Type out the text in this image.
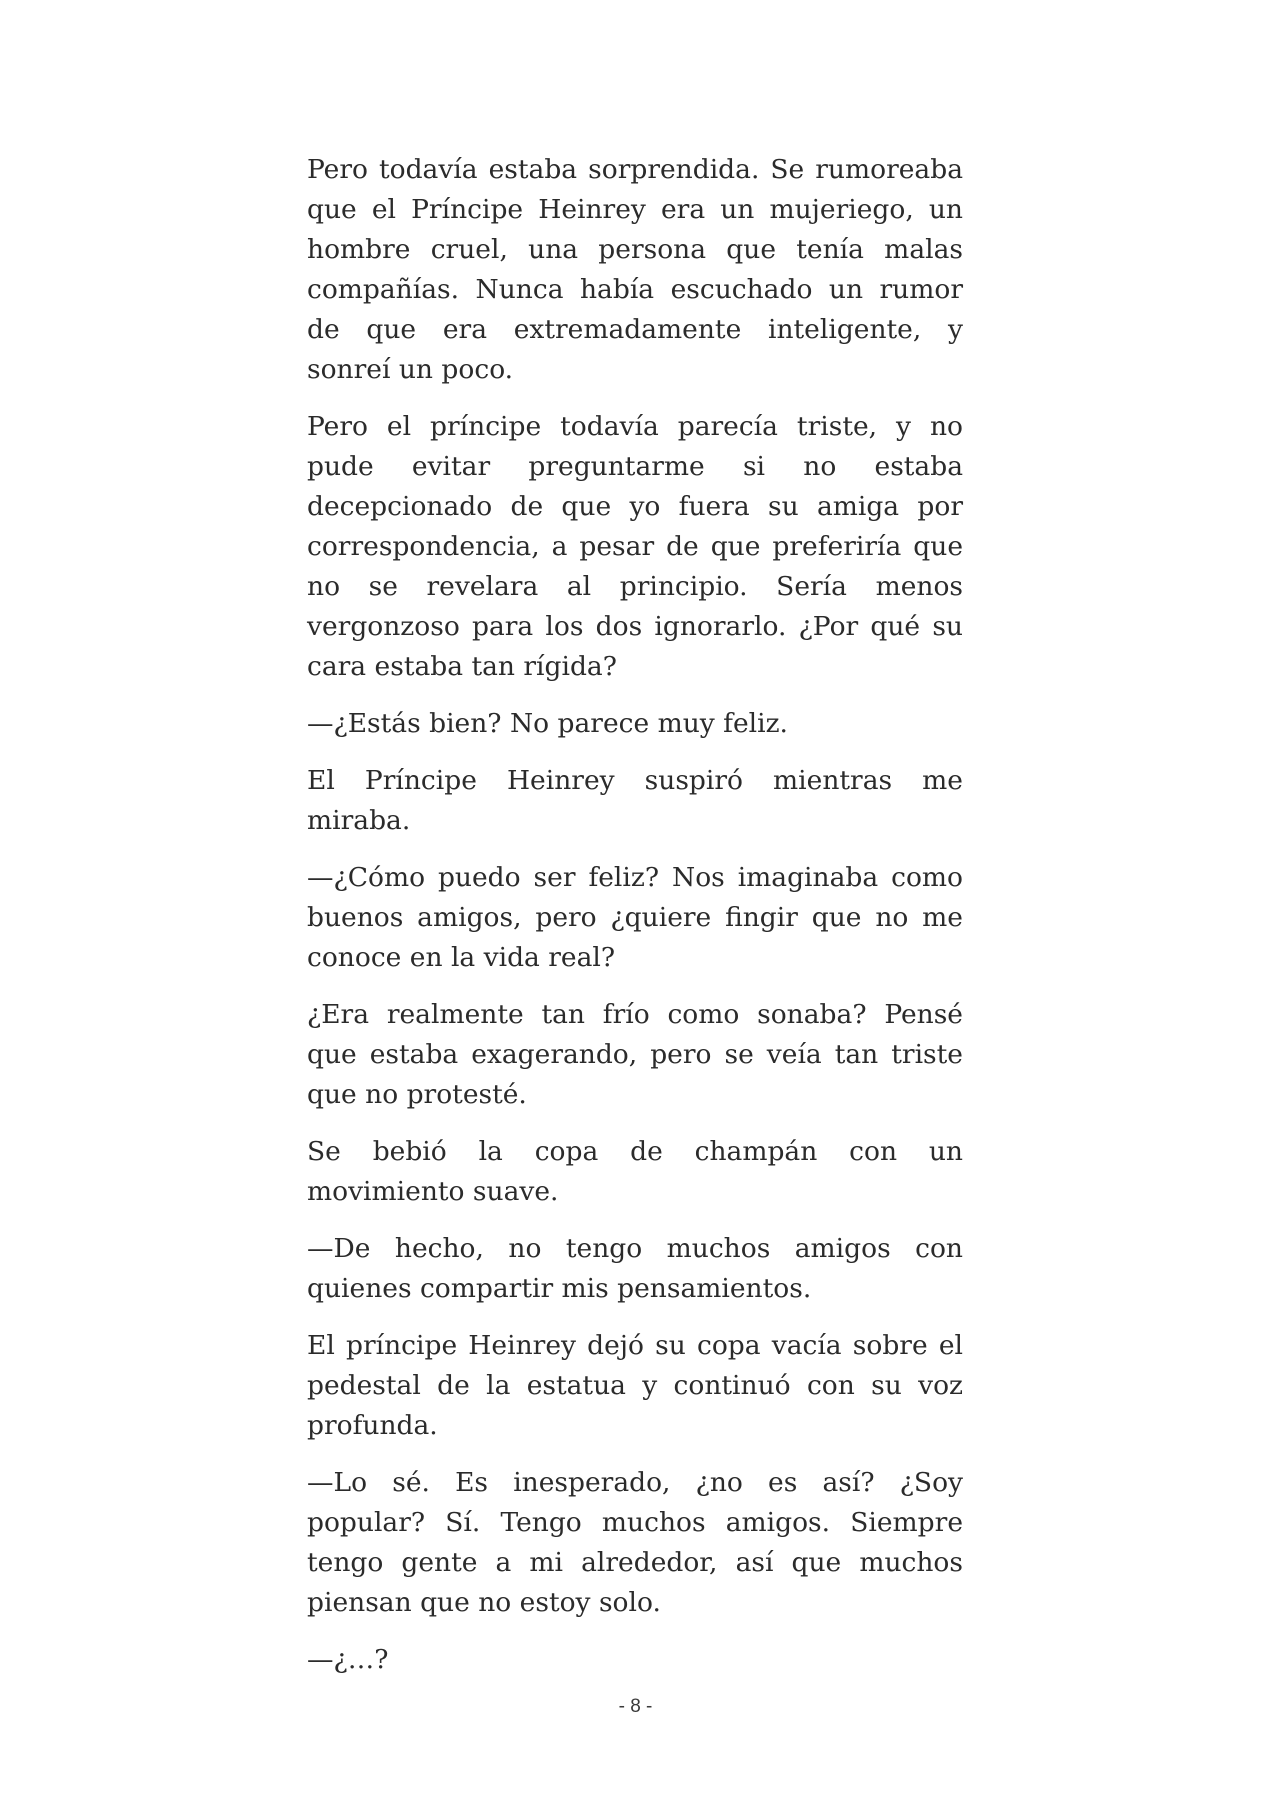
Pero todavía estaba sorprendida. Se rumoreaba que el Príncipe Heinrey era un mujeriego, un hombre cruel, una persona que tenía malas compañías. Nunca había escuchado un rumor de que era extremadamente inteligente, y sonreí un poco.

Pero el príncipe todavía parecía triste, y no pude evitar preguntarme si no estaba decepcionado de que yo fuera su amiga por correspondencia, a pesar de que preferiría que no se revelara al principio. Sería menos vergonzoso para los dos ignorarlo. ¿Por qué su cara estaba tan rígida?

—¿Estás bien? No parece muy feliz.

El Príncipe Heinrey suspiró mientras me miraba.

—¿Cómo puedo ser feliz? Nos imaginaba como buenos amigos, pero ¿quiere fingir que no me conoce en la vida real?

¿Era realmente tan frío como sonaba? Pensé que estaba exagerando, pero se veía tan triste que no protesté.

Se bebió la copa de champán con un movimiento suave.

—De hecho, no tengo muchos amigos con quienes compartir mis pensamientos.

El príncipe Heinrey dejó su copa vacía sobre el pedestal de la estatua y continuó con su voz profunda.

—Lo sé. Es inesperado, ¿no es así? ¿Soy popular? Sí. Tengo muchos amigos. Siempre tengo gente a mi alrededor, así que muchos piensan que no estoy solo.

—¿…?

- 8 -
